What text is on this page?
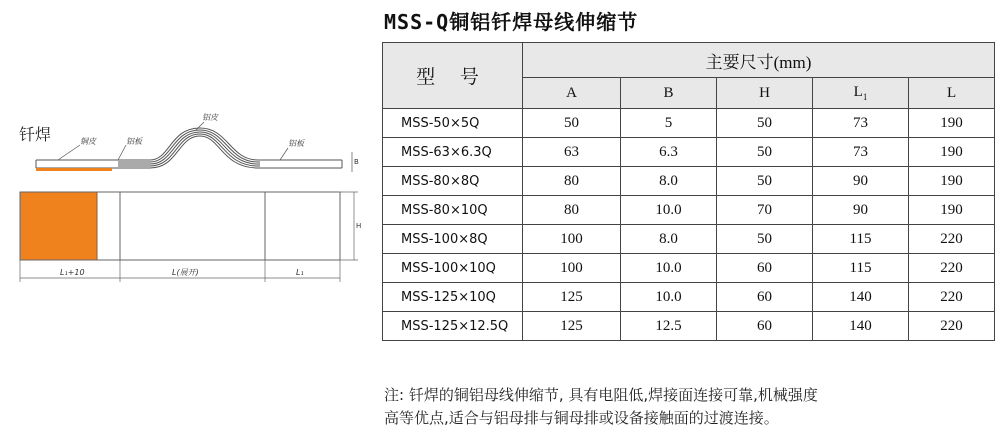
MSS-Q铜铝钎焊母线伸缩节
钎焊	铜皮	铝板
铝皮
铝板
B
L₁+10	L(展开)	L₁
H
型 号	主要尺寸(mm)				
	A	B	H	$L_1$	L
MSS-50×5Q	50	5	50	73	190
MSS-63×6.3Q	63	6.3	50	73	190
MSS-80×8Q	80	8.0	50	90	190
MSS-80×10Q	80	10.0	70	90	190
MSS-100×8Q	100	8.0	50	115	220
MSS-100×10Q	100	10.0	60	115	220
MSS-125×10Q	125	10.0	60	140	220
MSS-125×12.5Q	125	12.5	60	140	220
注: 钎焊的铜铝母线伸缩节, 具有电阻低,焊接面连接可靠,机械强度
高等优点,适合与铝母排与铜母排或设备接触面的过渡连接。
